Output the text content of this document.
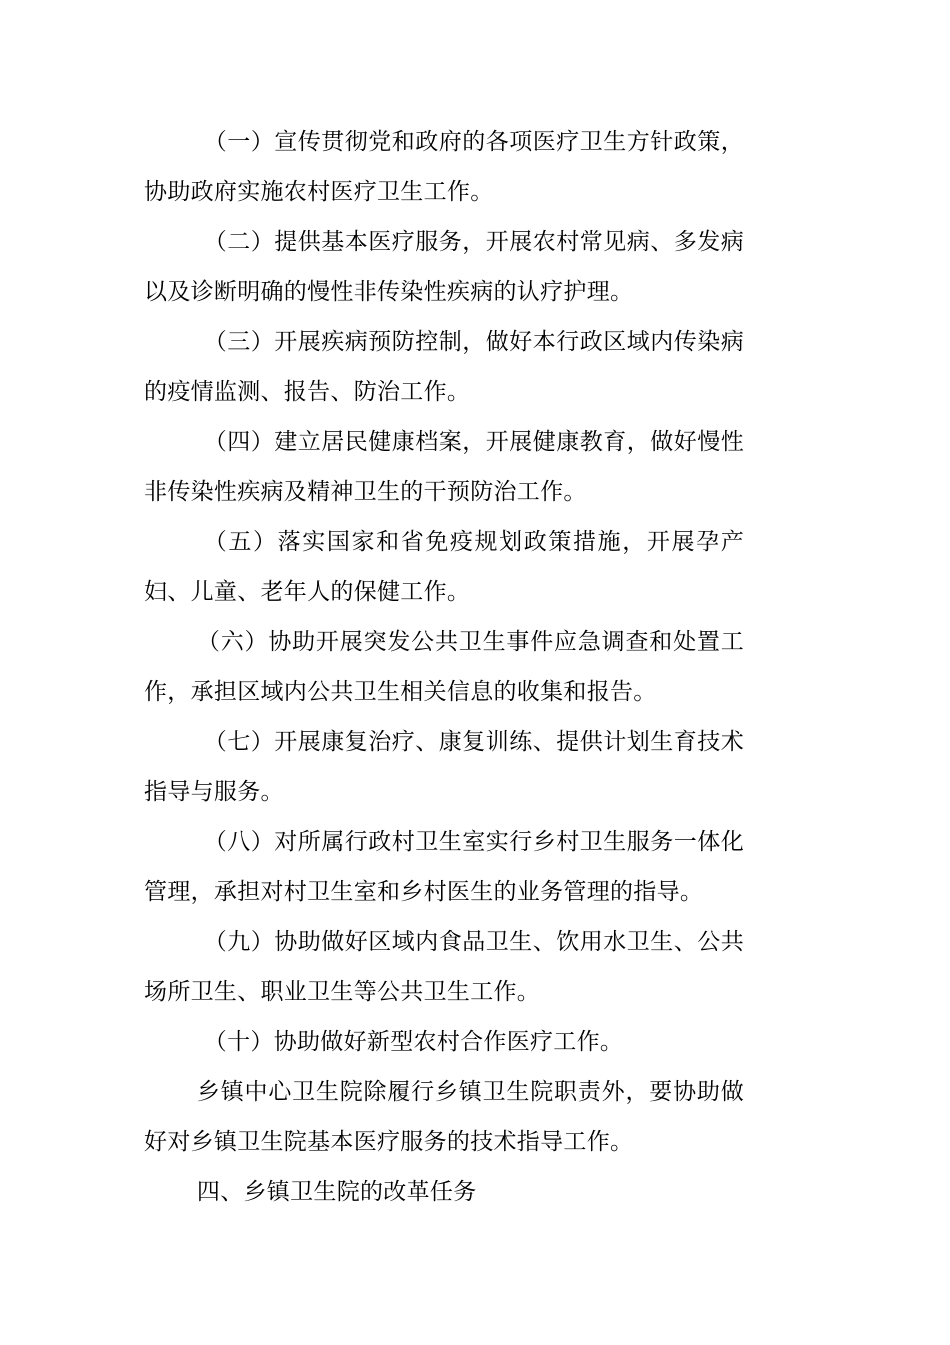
（一）宣传贯彻党和政府的各项医疗卫生方针政策，协助政府实施农村医疗卫生工作。

（二）提供基本医疗服务，开展农村常见病、多发病以及诊断明确的慢性非传染性疾病的认疗护理。

（三）开展疾病预防控制，做好本行政区域内传染病的疫情监测、报告、防治工作。

（四）建立居民健康档案，开展健康教育，做好慢性非传染性疾病及精神卫生的干预防治工作。

（五）落实国家和省免疫规划政策措施，开展孕产妇、儿童、老年人的保健工作。

（六）协助开展突发公共卫生事件应急调查和处置工作，承担区域内公共卫生相关信息的收集和报告。

（七）开展康复治疗、康复训练、提供计划生育技术指导与服务。

（八）对所属行政村卫生室实行乡村卫生服务一体化管理，承担对村卫生室和乡村医生的业务管理的指导。

（九）协助做好区域内食品卫生、饮用水卫生、公共场所卫生、职业卫生等公共卫生工作。

（十）协助做好新型农村合作医疗工作。

乡镇中心卫生院除履行乡镇卫生院职责外，要协助做好对乡镇卫生院基本医疗服务的技术指导工作。

四、乡镇卫生院的改革任务
